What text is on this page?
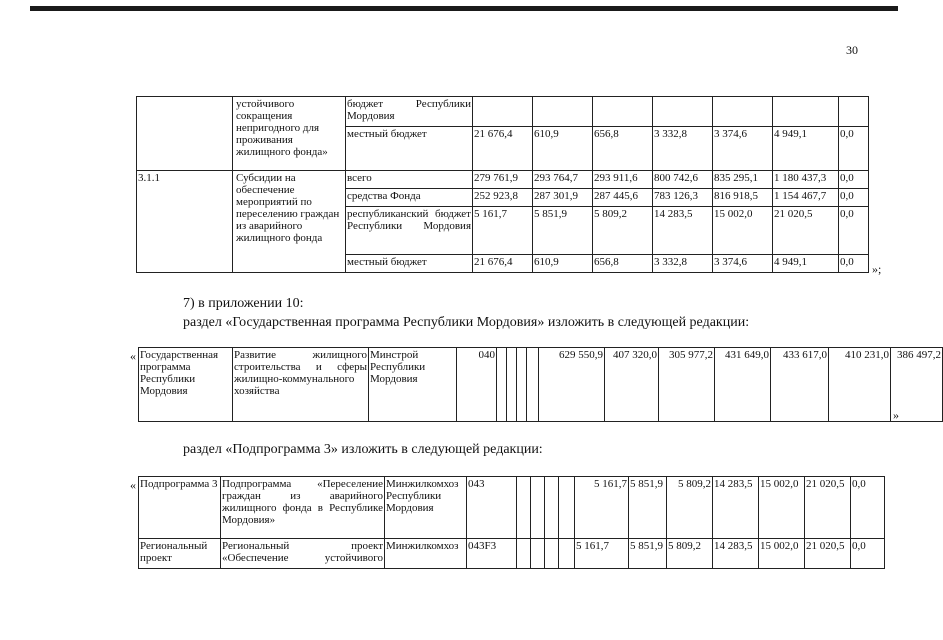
30
	устойчивого сокращения непригодного для проживания жилищного фонда»	бюджет Республики Мордовия							
		местный бюджет	21 676,4	610,9	656,8	3 332,8	3 374,6	4 949,1	0,0
3.1.1	Субсидии на обеспечение мероприятий по переселению граждан из аварийного жилищного фонда	всего	279 761,9	293 764,7	293 911,6	800 742,6	835 295,1	1 180 437,3	0,0
		средства Фонда	252 923,8	287 301,9	287 445,6	783 126,3	816 918,5	1 154 467,7	0,0
		республиканский бюджет Республики Мордовия	5 161,7	5 851,9	5 809,2	14 283,5	15 002,0	21 020,5	0,0
		местный бюджет	21 676,4	610,9	656,8	3 332,8	3 374,6	4 949,1	0,0 »;
7) в приложении 10:
раздел «Государственная программа Республики Мордовия» изложить в следующей редакции:
« Государственная программа Республики Мордовия	Развитие жилищного строительства и сферы жилищно-коммунального хозяйства	Минстрой Республики Мордовия	040					629 550,9	407 320,0	305 977,2	431 649,0	433 617,0	410 231,0	386 497,2
»
раздел «Подпрограмма 3» изложить в следующей редакции:
« Подпрограмма 3	Подпрограмма «Переселение граждан из аварийного жилищного фонда в Республике Мордовия»	Минжилкомхоз Республики Мордовия	043					5 161,7	5 851,9	5 809,2	14 283,5	15 002,0	21 020,5	0,0
Региональный проект	Региональный проект «Обеспечение устойчивого	Минжилкомхоз	043F3					5 161,7	5 851,9	5 809,2	14 283,5	15 002,0	21 020,5	0,0
